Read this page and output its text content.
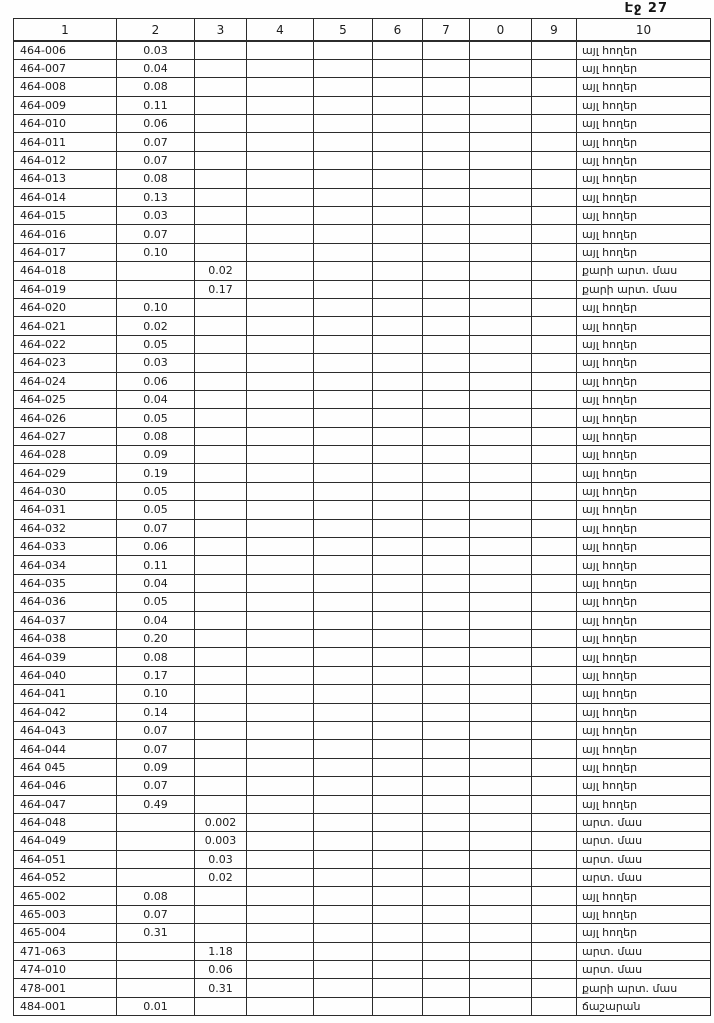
Էջ 27
1	2	3	4	5	6	7	0	9	10
464-006	0.03								այլ հողեր
464-007	0.04								այլ հողեր
464-008	0.08								այլ հողեր
464-009	0.11								այլ հողեր
464-010	0.06								այլ հողեր
464-011	0.07								այլ հողեր
464-012	0.07								այլ հողեր
464-013	0.08								այլ հողեր
464-014	0.13								այլ հողեր
464-015	0.03								այլ հողեր
464-016	0.07								այլ հողեր
464-017	0.10								այլ հողեր
464-018		0.02							քարի արտ. մաս
464-019		0.17							քարի արտ. մաս
464-020	0.10								այլ հողեր
464-021	0.02								այլ հողեր
464-022	0.05								այլ հողեր
464-023	0.03								այլ հողեր
464-024	0.06								այլ հողեր
464-025	0.04								այլ հողեր
464-026	0.05								այլ հողեր
464-027	0.08								այլ հողեր
464-028	0.09								այլ հողեր
464-029	0.19								այլ հողեր
464-030	0.05								այլ հողեր
464-031	0.05								այլ հողեր
464-032	0.07								այլ հողեր
464-033	0.06								այլ հողեր
464-034	0.11								այլ հողեր
464-035	0.04								այլ հողեր
464-036	0.05								այլ հողեր
464-037	0.04								այլ հողեր
464-038	0.20								այլ հողեր
464-039	0.08								այլ հողեր
464-040	0.17								այլ հողեր
464-041	0.10								այլ հողեր
464-042	0.14								այլ հողեր
464-043	0.07								այլ հողեր
464-044	0.07								այլ հողեր
464 045	0.09								այլ հողեր
464-046	0.07								այլ հողեր
464-047	0.49								այլ հողեր
464-048		0.002							արտ. մաս
464-049		0.003							արտ. մաս
464-051		0.03							արտ. մաս
464-052		0.02							արտ. մաս
465-002	0.08								այլ հողեր
465-003	0.07								այլ հողեր
465-004	0.31								այլ հողեր
471-063		1.18							արտ. մաս
474-010		0.06							արտ. մաս
478-001		0.31							քարի արտ. մաս
484-001	0.01								ճաշարան
